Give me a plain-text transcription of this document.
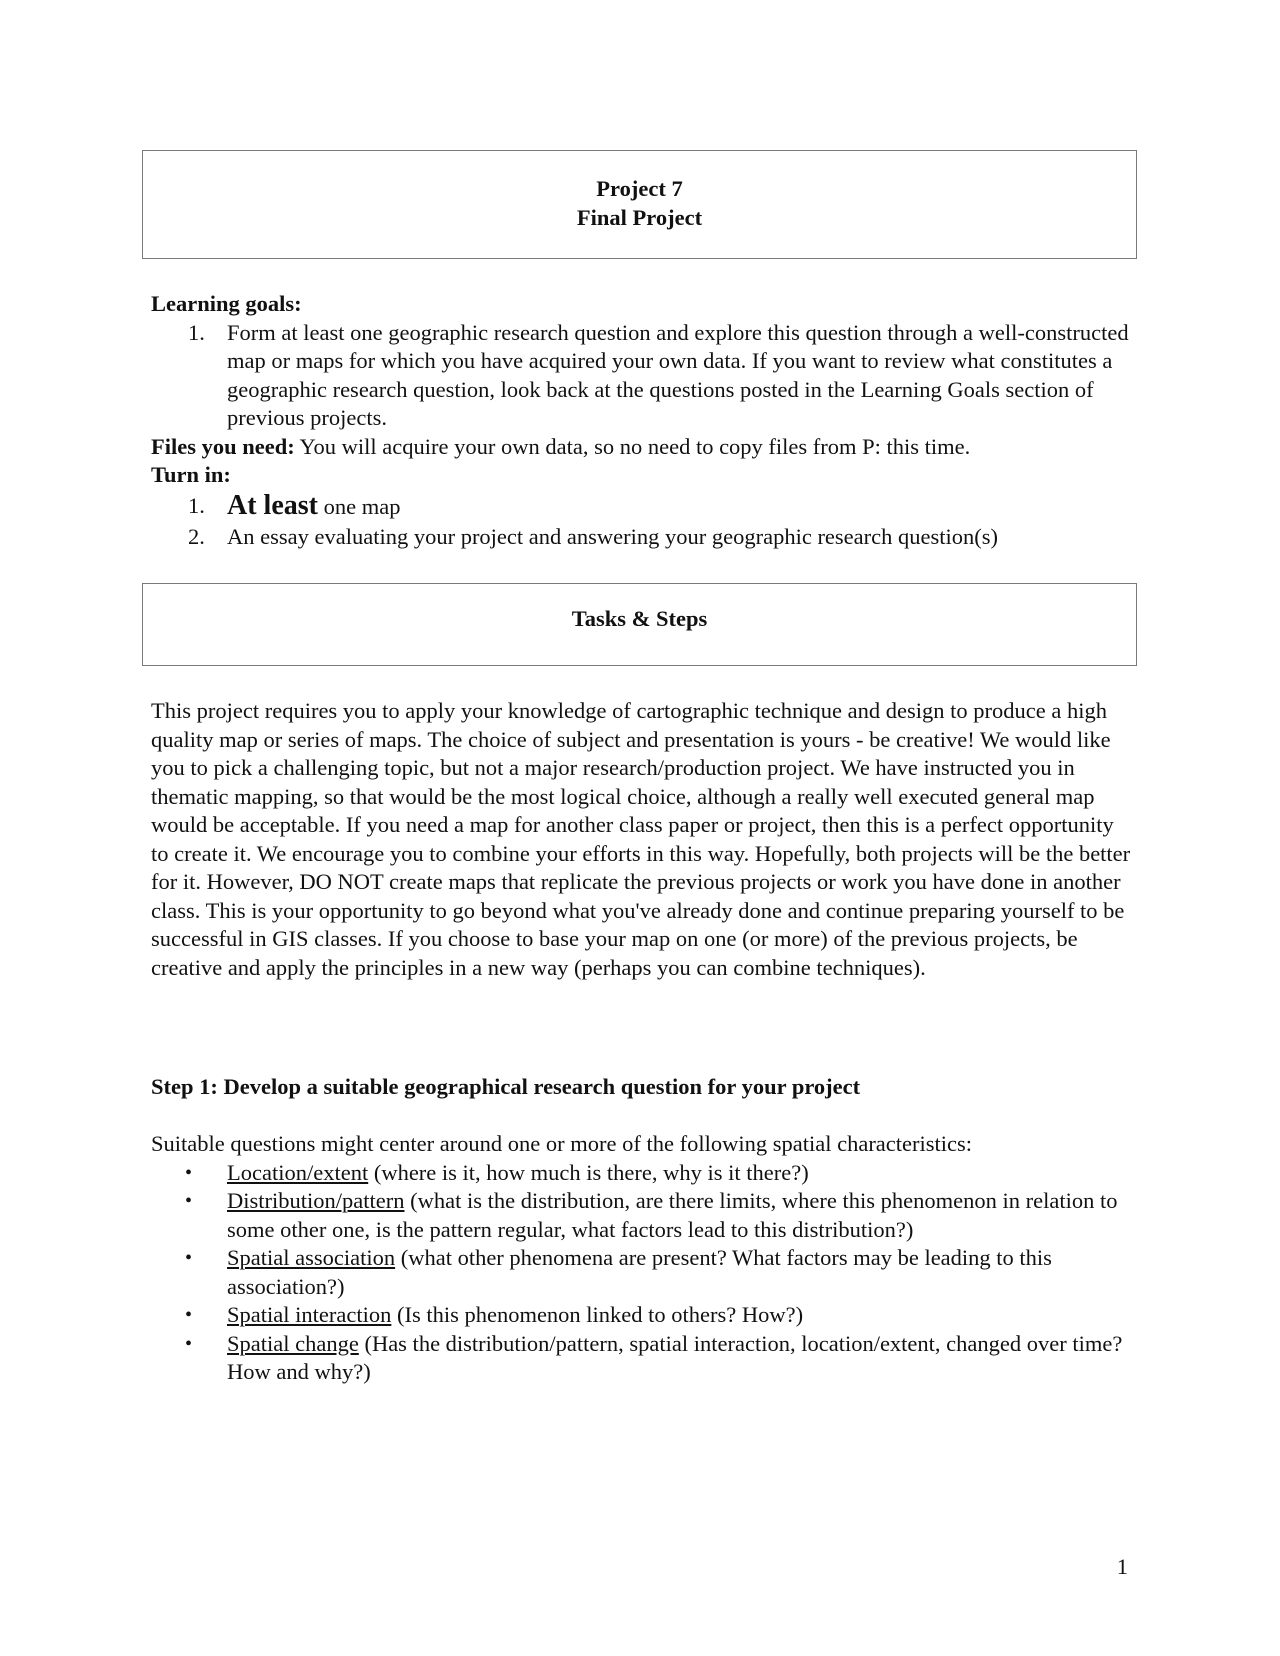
Project 7
Final Project
Learning goals:
1. Form at least one geographic research question and explore this question through a well-constructed map or maps for which you have acquired your own data. If you want to review what constitutes a geographic research question, look back at the questions posted in the Learning Goals section of previous projects.
Files you need: You will acquire your own data, so no need to copy files from P: this time.
Turn in:
1. At least one map
2. An essay evaluating your project and answering your geographic research question(s)
Tasks & Steps
This project requires you to apply your knowledge of cartographic technique and design to produce a high quality map or series of maps. The choice of subject and presentation is yours - be creative! We would like you to pick a challenging topic, but not a major research/production project. We have instructed you in thematic mapping, so that would be the most logical choice, although a really well executed general map would be acceptable. If you need a map for another class paper or project, then this is a perfect opportunity to create it. We encourage you to combine your efforts in this way. Hopefully, both projects will be the better for it. However, DO NOT create maps that replicate the previous projects or work you have done in another class. This is your opportunity to go beyond what you've already done and continue preparing yourself to be successful in GIS classes. If you choose to base your map on one (or more) of the previous projects, be creative and apply the principles in a new way (perhaps you can combine techniques).
Step 1: Develop a suitable geographical research question for your project
Suitable questions might center around one or more of the following spatial characteristics:
• Location/extent (where is it, how much is there, why is it there?)
• Distribution/pattern (what is the distribution, are there limits, where this phenomenon in relation to some other one, is the pattern regular, what factors lead to this distribution?)
• Spatial association (what other phenomena are present? What factors may be leading to this association?)
• Spatial interaction (Is this phenomenon linked to others? How?)
• Spatial change (Has the distribution/pattern, spatial interaction, location/extent, changed over time? How and why?)
1
